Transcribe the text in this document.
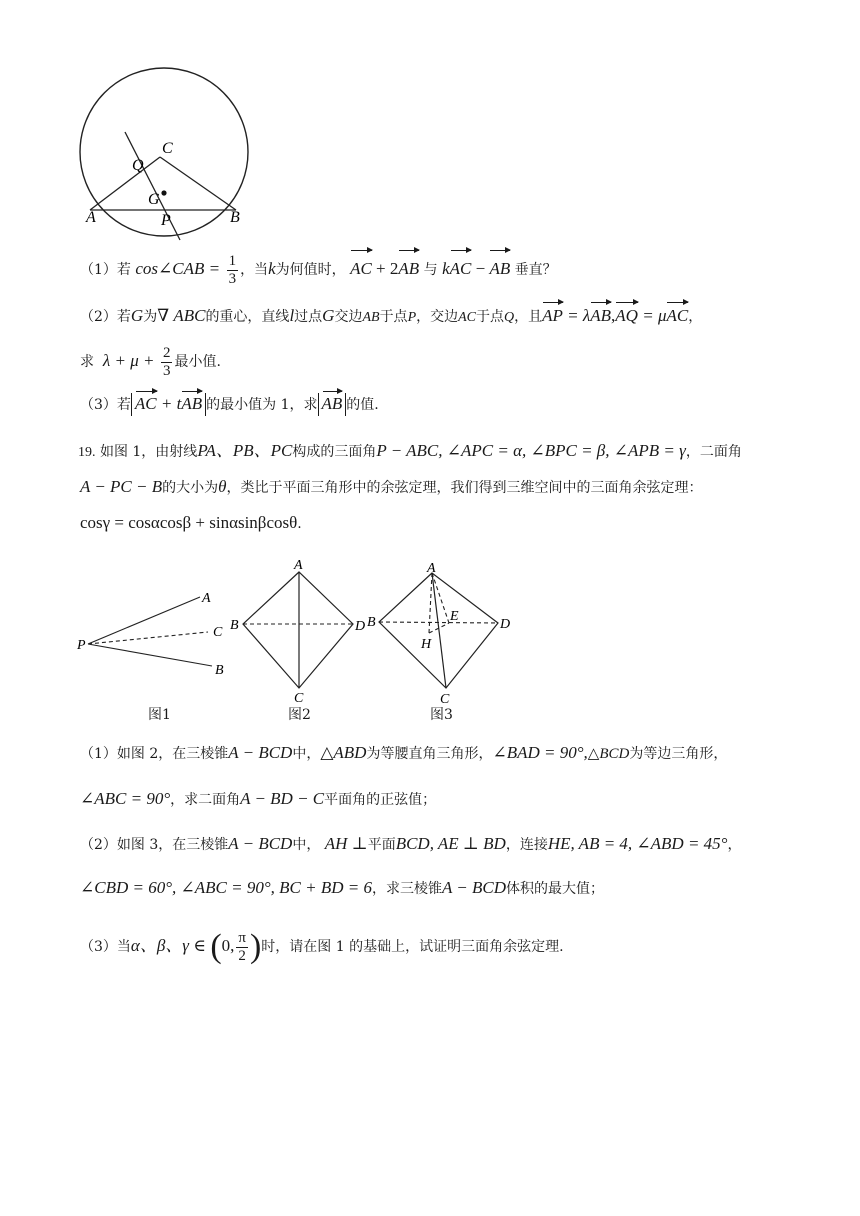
C
Q
G
A	P	B
（1）若 cos∠CAB = $\frac{1}{3}$ ，当k为何值时， AC + 2AB 与 kAC − AB 垂直？
（2）若G为∇ ABC的重心，直线l过点G交边AB于点P，交边AC于点Q，且AP = λAB,AQ = μAC，
求 $\lambda + \mu + \frac{2}{3}$ 最小值.
（3）若 AC + tAB 的最小值为 1，求 AB 的值.
19. 如图 1，由射线PA、PB、PC构成的三面角P − ABC, ∠APC = α, ∠BPC = β, ∠APB = γ，二面角
A − PC − B的大小为θ，类比于平面三角形中的余弦定理，我们得到三维空间中的三面角余弦定理：
cosγ = cosαcosβ + sinαsinβcosθ.
A
C
P
B
图1
A
B	D
C
图2
A
B	D
E
H
C
图3
（1）如图 2，在三棱锥A − BCD中，△ABD为等腰直角三角形，∠BAD = 90°,△BCD为等边三角形，
∠ABC = 90°，求二面角A − BD − C平面角的正弦值；
（2）如图 3，在三棱锥A − BCD中， AH ⊥平面BCD, AE ⊥ BD，连接HE, AB = 4, ∠ABD = 45°，
∠CBD = 60°, ∠ABC = 90°, BC + BD = 6，求三棱锥A − BCD体积的最大值；
（3）当α、β、γ ∈ (0, $\frac{\pi}{2}$ )时，请在图 1 的基础上，试证明三面角余弦定理.
